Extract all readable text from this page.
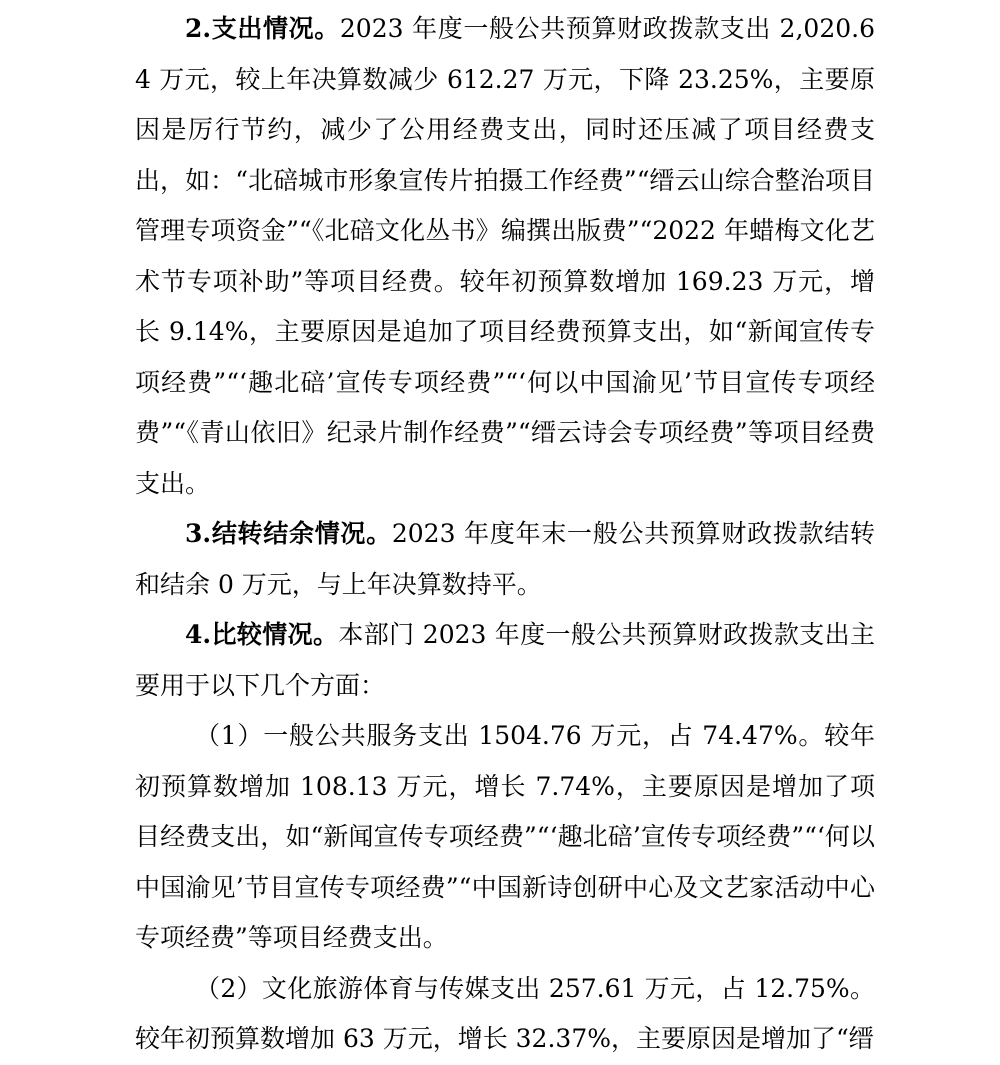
2.支出情况。2023 年度一般公共预算财政拨款支出 2,020.64 万元，较上年决算数减少 612.27 万元，下降 23.25%，主要原因是厉行节约，减少了公用经费支出，同时还压减了项目经费支出，如：“北碚城市形象宣传片拍摄工作经费”“缙云山综合整治项目管理专项资金”“《北碚文化丛书》编撰出版费”“2022 年蜡梅文化艺术节专项补助”等项目经费。较年初预算数增加 169.23 万元，增长 9.14%，主要原因是追加了项目经费预算支出，如“新闻宣传专项经费”“‘趣北碚’宣传专项经费”“‘何以中国渝见’节目宣传专项经费”“《青山依旧》纪录片制作经费”“缙云诗会专项经费”等项目经费支出。

3.结转结余情况。2023 年度年末一般公共预算财政拨款结转和结余 0 万元，与上年决算数持平。

4.比较情况。本部门 2023 年度一般公共预算财政拨款支出主要用于以下几个方面：

（1）一般公共服务支出 1504.76 万元，占 74.47%。较年初预算数增加 108.13 万元，增长 7.74%，主要原因是增加了项目经费支出，如“新闻宣传专项经费”“‘趣北碚’宣传专项经费”“‘何以中国渝见’节目宣传专项经费”“中国新诗创研中心及文艺家活动中心专项经费”等项目经费支出。

（2）文化旅游体育与传媒支出 257.61 万元，占 12.75%。较年初预算数增加 63 万元，增长 32.37%，主要原因是增加了“缙
